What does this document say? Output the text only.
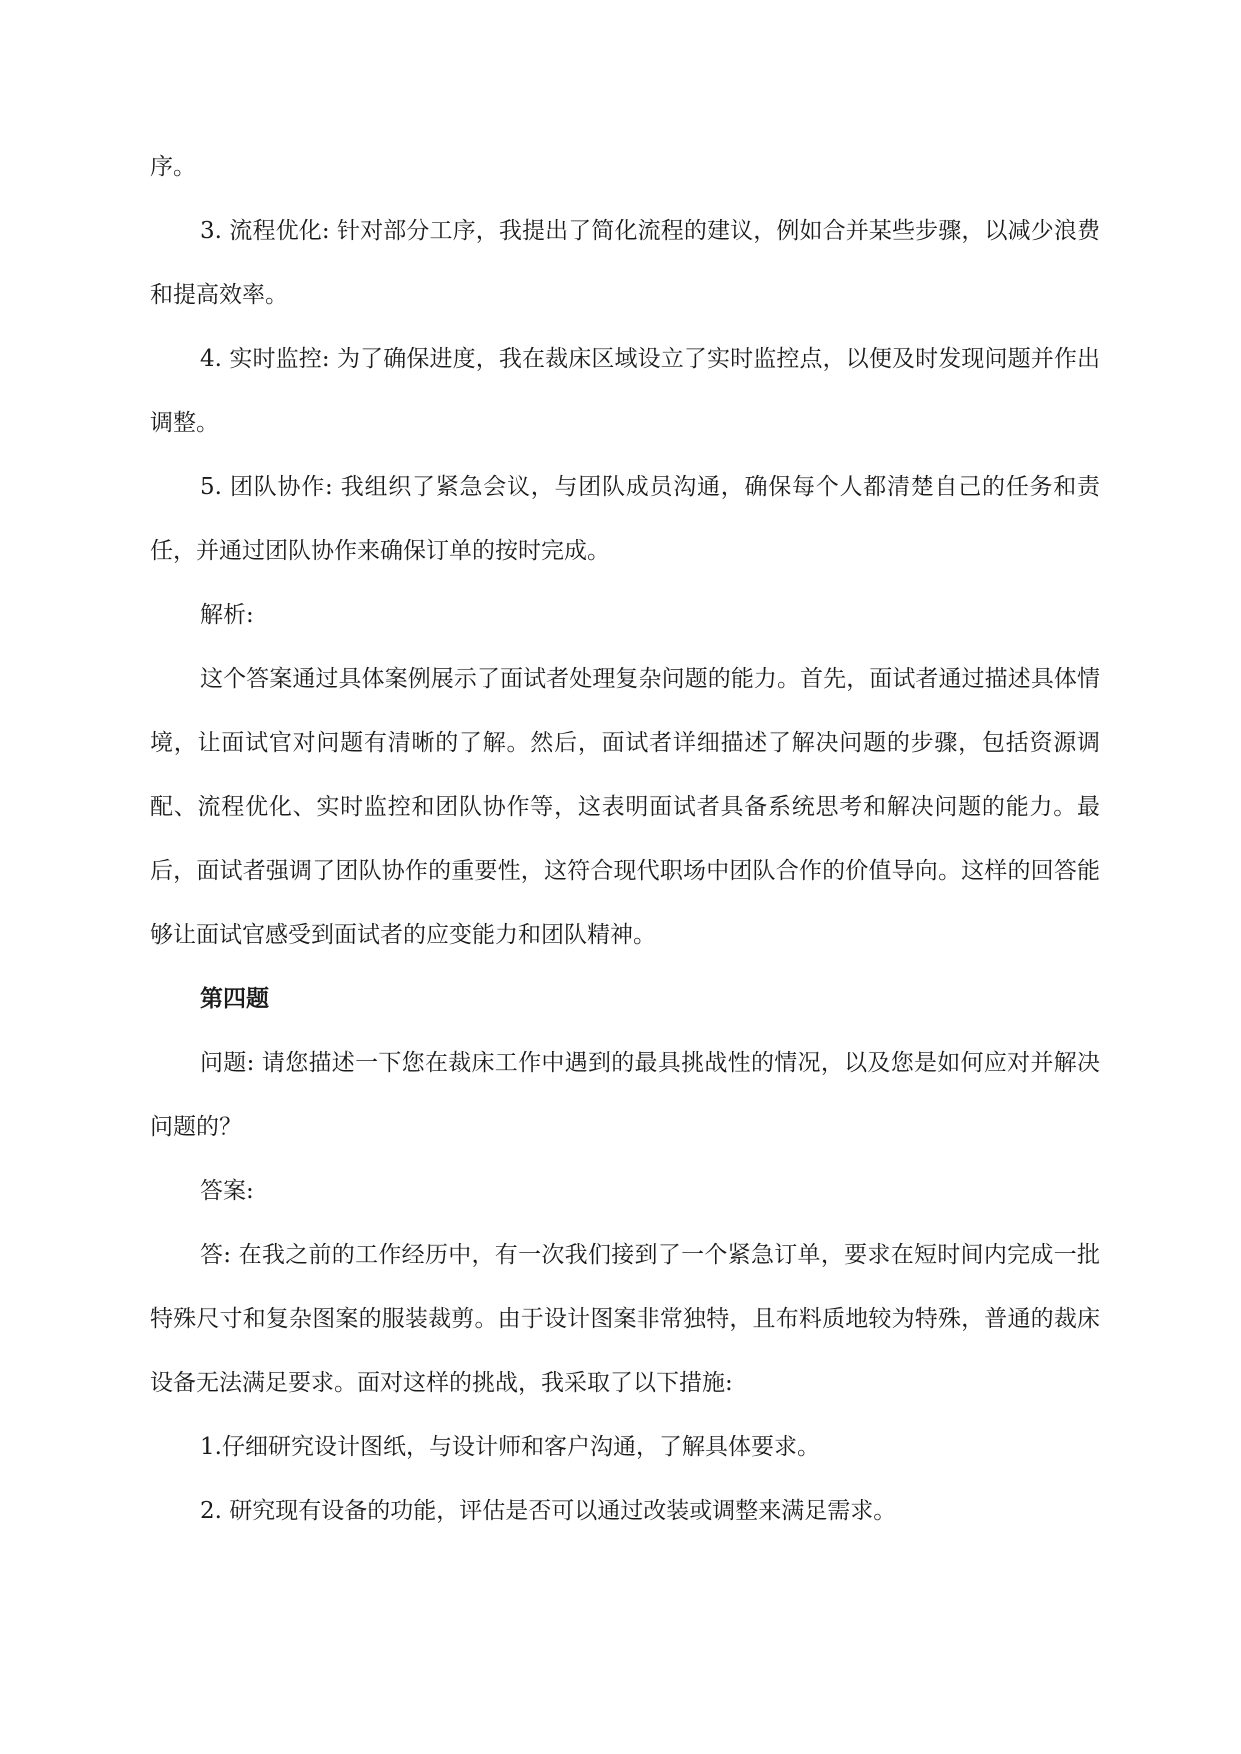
序。

3. 流程优化: 针对部分工序，我提出了简化流程的建议，例如合并某些步骤，以减少浪费和提高效率。

4. 实时监控: 为了确保进度，我在裁床区域设立了实时监控点，以便及时发现问题并作出调整。

5. 团队协作: 我组织了紧急会议，与团队成员沟通，确保每个人都清楚自己的任务和责任，并通过团队协作来确保订单的按时完成。

解析:

这个答案通过具体案例展示了面试者处理复杂问题的能力。首先，面试者通过描述具体情境，让面试官对问题有清晰的了解。然后，面试者详细描述了解决问题的步骤，包括资源调配、流程优化、实时监控和团队协作等，这表明面试者具备系统思考和解决问题的能力。最后，面试者强调了团队协作的重要性，这符合现代职场中团队合作的价值导向。这样的回答能够让面试官感受到面试者的应变能力和团队精神。

第四题

问题: 请您描述一下您在裁床工作中遇到的最具挑战性的情况，以及您是如何应对并解决问题的？

答案:

答: 在我之前的工作经历中，有一次我们接到了一个紧急订单，要求在短时间内完成一批特殊尺寸和复杂图案的服装裁剪。由于设计图案非常独特，且布料质地较为特殊，普通的裁床设备无法满足要求。面对这样的挑战，我采取了以下措施:

1.仔细研究设计图纸，与设计师和客户沟通，了解具体要求。

2. 研究现有设备的功能，评估是否可以通过改装或调整来满足需求。
